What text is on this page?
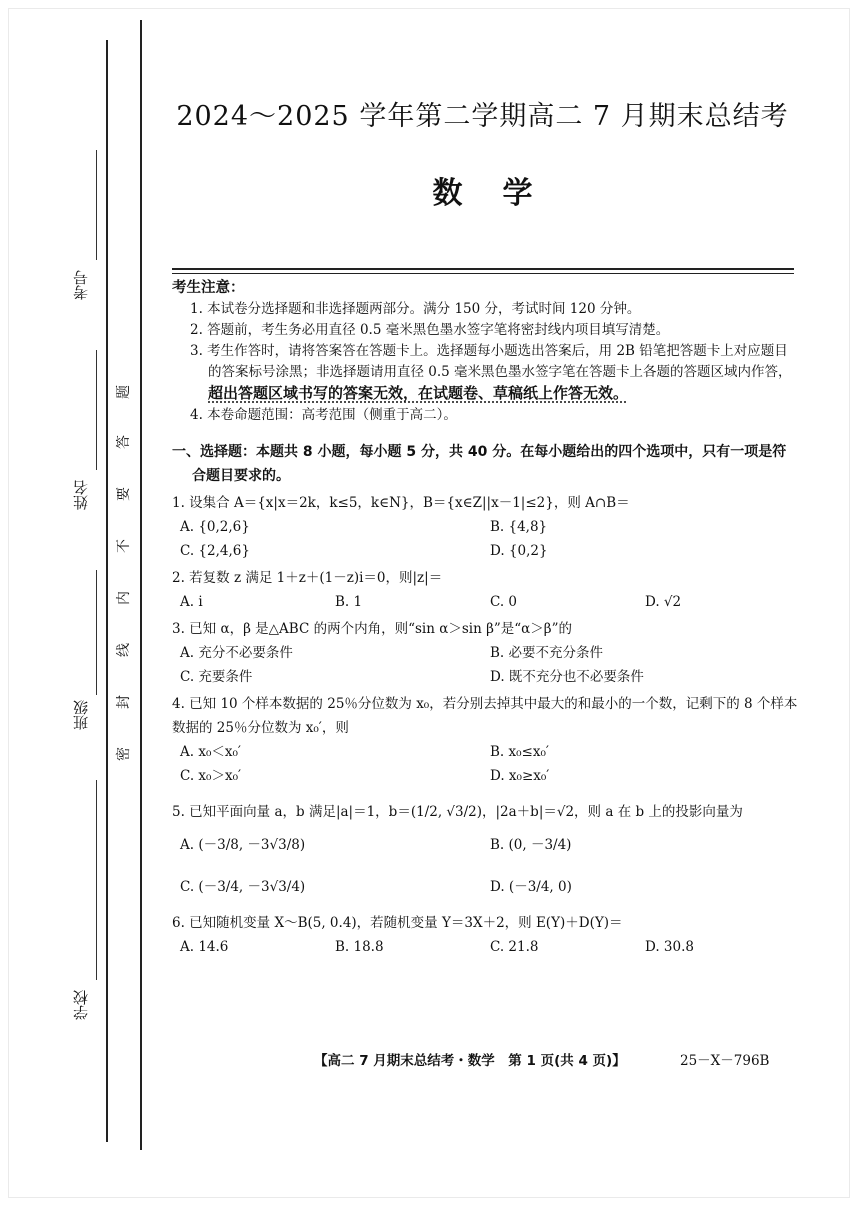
考号
姓名
班级
学校
题
答
要
不
内
线
封
密
2024～2025 学年第二学期高二 7 月期末总结考
数学
考生注意：
1. 本试卷分选择题和非选择题两部分。满分 150 分，考试时间 120 分钟。
2. 答题前，考生务必用直径 0.5 毫米黑色墨水签字笔将密封线内项目填写清楚。
3. 考生作答时，请将答案答在答题卡上。选择题每小题选出答案后，用 2B 铅笔把答题卡上对应题目的答案标号涂黑；非选择题请用直径 0.5 毫米黑色墨水签字笔在答题卡上各题的答题区域内作答，超出答题区域书写的答案无效，在试题卷、草稿纸上作答无效。
4. 本卷命题范围：高考范围（侧重于高二）。
一、选择题：本题共 8 小题，每小题 5 分，共 40 分。在每小题给出的四个选项中，只有一项是符合题目要求的。
1. 设集合 A＝{x|x＝2k，k≤5，k∈N}，B＝{x∈Z||x－1|≤2}，则 A∩B＝
A. {0,2,6}	B. {4,8}
C. {2,4,6}	D. {0,2}
2. 若复数 z 满足 1＋z＋(1－z)i＝0，则|z|＝
A. i	B. 1	C. 0	D. √2
3. 已知 α，β 是△ABC 的两个内角，则“sin α＞sin β”是“α＞β”的
A. 充分不必要条件	B. 必要不充分条件
C. 充要条件	D. 既不充分也不必要条件
4. 已知 10 个样本数据的 25％分位数为 x₀，若分别去掉其中最大的和最小的一个数，记剩下的 8 个样本数据的 25％分位数为 x₀′，则
A. x₀＜x₀′	B. x₀≤x₀′
C. x₀＞x₀′	D. x₀≥x₀′
5. 已知平面向量 a，b 满足|a|＝1，b＝(1/2, √3/2)，|2a＋b|＝√2，则 a 在 b 上的投影向量为
A. (－3/8, －3√3/8)	B. (0, －3/4)
C. (－3/4, －3√3/4)	D. (－3/4, 0)
6. 已知随机变量 X～B(5, 0.4)，若随机变量 Y＝3X＋2，则 E(Y)＋D(Y)＝
A. 14.6	B. 18.8	C. 21.8	D. 30.8
【高二 7 月期末总结考・数学　第 1 页(共 4 页)】	25－X－796B
